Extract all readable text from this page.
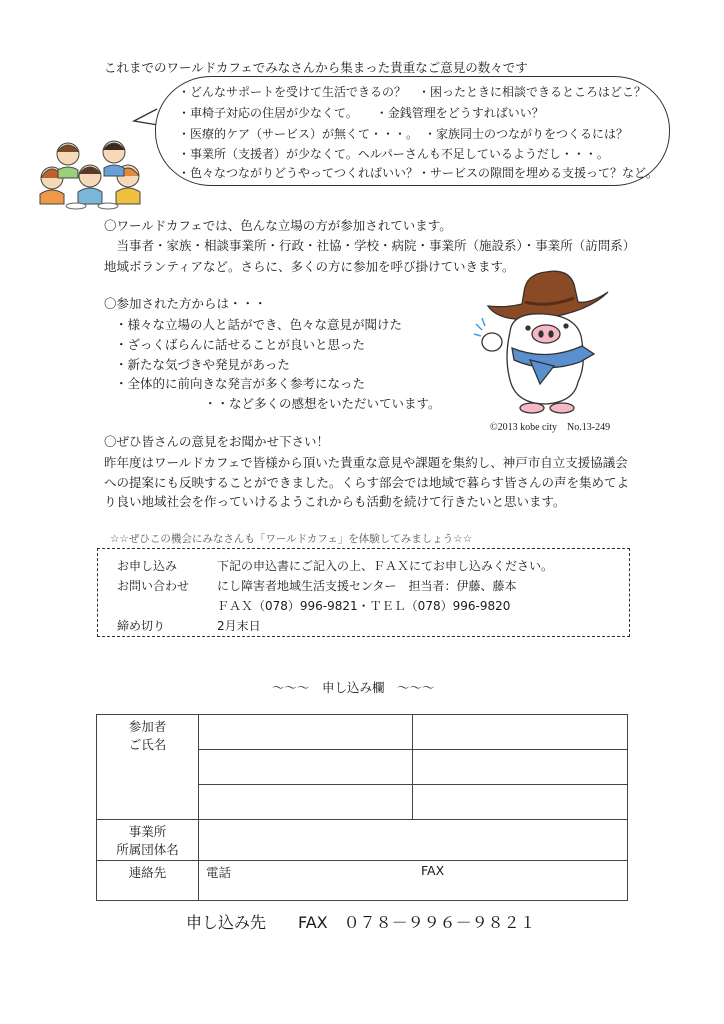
これまでのワールドカフェでみなさんから集まった貴重なご意見の数々です
・どんなサポートを受けて生活できるの？　・困ったときに相談できるところはどこ？
・車椅子対応の住居が少なくて。　　・金銭管理をどうすればいい？
・医療的ケア（サービス）が無くて・・・。　・家族同士のつながりをつくるには？
・事業所（支援者）が少なくて。ヘルパーさんも不足しているようだし・・・。
・色々なつながりどうやってつくればいい？・サービスの隙間を埋める支援って？など。
〇ワールドカフェでは、色んな立場の方が参加されています。
　当事者・家族・相談事業所・行政・社協・学校・病院・事業所（施設系）・事業所（訪問系）
地域ボランティアなど。さらに、多くの方に参加を呼び掛けていきます。
〇参加された方からは・・・
・様々な立場の人と話ができ、色々な意見が聞けた
・ざっくばらんに話せることが良いと思った
・新たな気づきや発見があった
・全体的に前向きな発言が多く参考になった
・・など多くの感想をいただいています。
©2013 kobe city　No.13-249
〇ぜひ皆さんの意見をお聞かせ下さい！
昨年度はワールドカフェで皆様から頂いた貴重な意見や課題を集約し、神戸市自立支援協議会
への提案にも反映することができました。くらす部会では地域で暮らす皆さんの声を集めてよ
り良い地域社会を作っていけるようこれからも活動を続けて行きたいと思います。
☆☆ぜひこの機会にみなさんも「ワールドカフェ」を体験してみましょう☆☆
お申し込み	下記の申込書にご記入の上、ＦＡＸにてお申し込みください。
お問い合わせ にし障害者地域生活支援センター　担当者：伊藤、藤本
ＦＡＸ（078）996-9821・ＴＥＬ（078）996-9820
締め切り	2月末日
～～～　申し込み欄　～～～
参加者
ご氏名		

事業所
所属団体名		

連絡先	電話 FAX	
申し込み先　　FAX　０７８－９９６－９８２１
